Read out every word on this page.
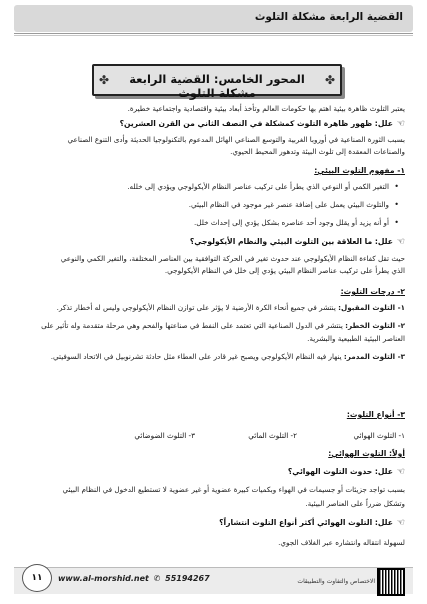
القضية الرابعة مشكلة التلوث
✤	المحور الخامس: القضية الرابعة مشكلة التلوث
✤
يعتبر التلوث ظاهرة بيئية اهتم بها حكومات العالم وتأخذ أبعاد بيئية واقتصادية واجتماعية خطيرة.
☜علل: ظهور ظاهرة التلوث كمشكلة في النصف الثاني من القرن العشرين؟
بسبب الثورة الصناعية في أوروبا الغربية والتوسع الصناعي الهائل المدعوم بالتكنولوجيا الحديثة وأدى التنوع الصناعي
والصناعات المعقدة إلى تلوث البيئة وتدهور المحيط الحيوي.
١- مفهوم التلوث البيئي:
• التغير الكمي أو النوعي الذي يطرأ على تركيب عناصر النظام الأيكولوجي ويؤدي إلى خلله.
• والتلوث البيئي يعمل على إضافة عنصر غير موجود في النظام البيئي.
• أو أنه يزيد أو يقلل وجود أحد عناصره بشكل يؤدي إلى إحداث خلل.
☜علل: ما العلاقة بين التلوث البيئي والنظام الأيكولوجي؟
حيث تقل كفاءة النظام الأيكولوجي عند حدوث تغير في الحركة التوافقية بين العناصر المختلفة، والتغير الكمي والنوعي
الذي يطرأ على تركيب عناصر النظام البيئي يؤدي إلى خلل في النظام الأيكولوجي.
٢- درجات التلوث:
١- التلوث المقبول: ينتشر في جميع أنحاء الكرة الأرضية لا يؤثر على توازن النظام الأيكولوجي وليس له أخطار تذكر.
٢- التلوث الخطر: ينتشر في الدول الصناعية التي تعتمد على النفط في صناعتها والفحم وهي مرحلة متقدمة وله تأثير على
العناصر البيئية الطبيعية والبشرية.
٣- التلوث المدمر: ينهار فيه النظام الأيكولوجي ويصبح غير قادر على العطاء مثل حادثة تشرنوبيل في الاتحاد السوفيتي.
٣- أنواع التلوث:
١- التلوث الهوائي
٢- التلوث المائي
٣- التلوث الضوضائي
أولاً: التلوث الهوائي:
☜علل: حدوث التلوث الهوائي؟
بسبب تواجد جزيئات أو جسيمات في الهواء وبكميات كبيرة عضوية أو غير عضوية لا تستطيع الدخول في النظام البيئي
وتشكل ضرراً على العناصر البيئية.
☜علل: التلوث الهوائي أكثر أنواع التلوث انتشاراً؟
لسهولة انتقاله وانتشاره عبر الغلاف الجوي.
١١	www.al-morshid.net ✆ 55194267	الاختصاص والتفاوت والتطبيقات
